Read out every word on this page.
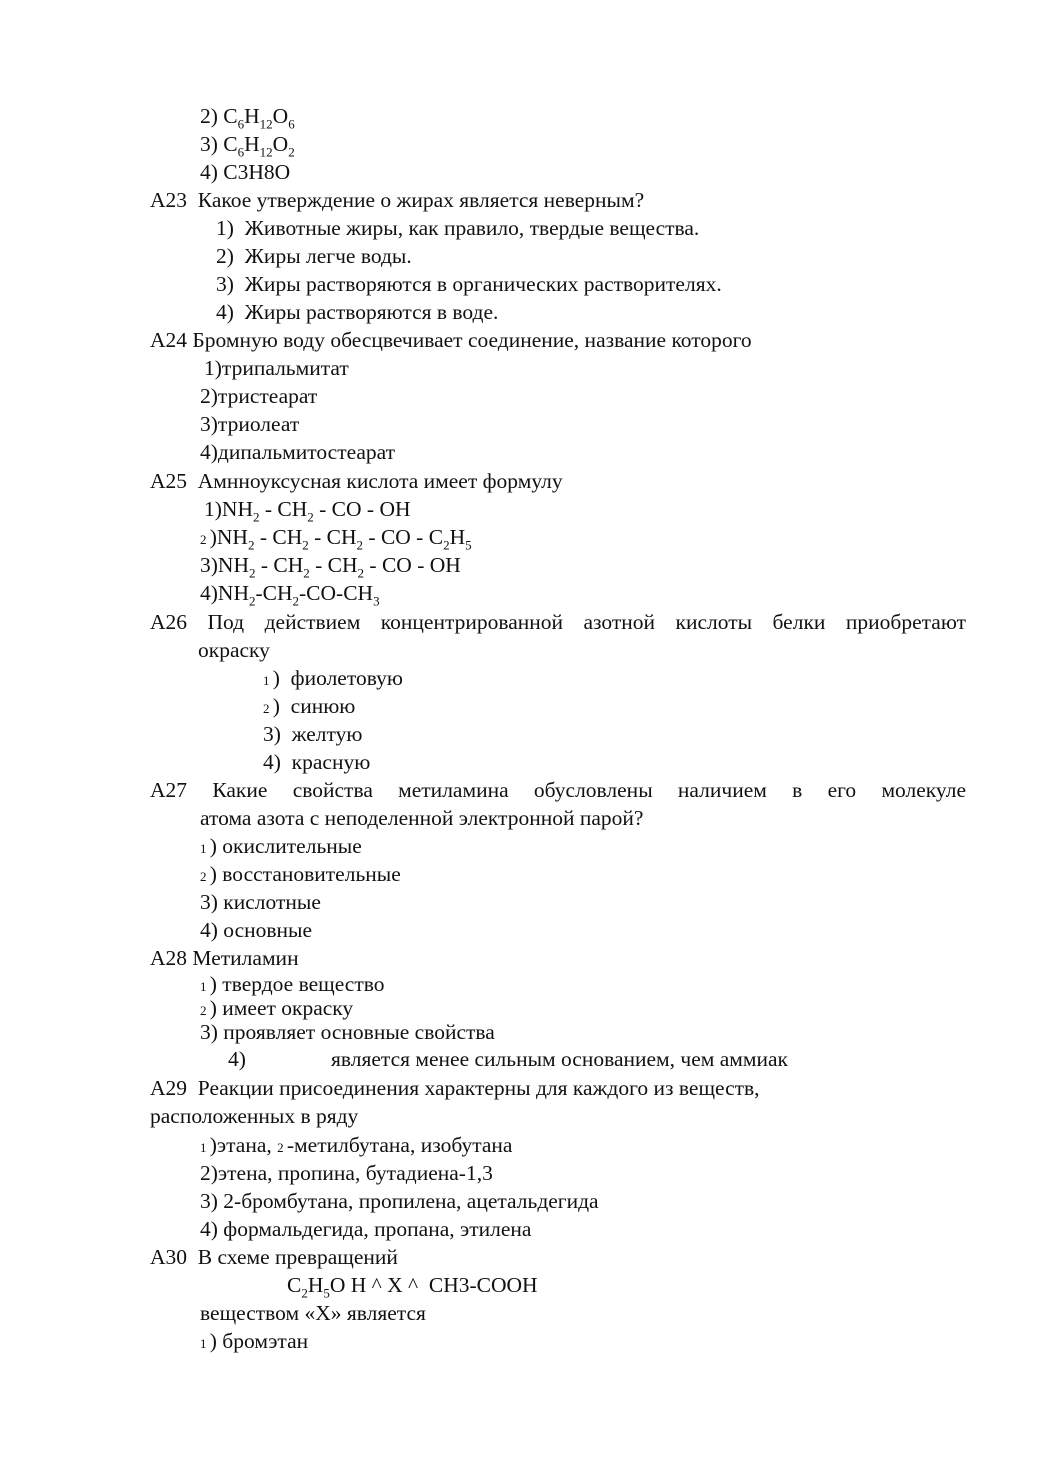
2) $C_6H_{12}O_6$
3) $C_6H_{12}O_2$
4) C3H8O
А23 Какое утверждение о жирах является неверным?
1) Животные жиры, как правило, твердые вещества.
2) Жиры легче воды.
3) Жиры растворяются в органических растворителях.
4) Жиры растворяются в воде.
А24 Бромную воду обесцвечивает соединение, название которого
1)трипальмитат
2)тристеарат
3)триолеат
4)дипальмитостеарат
А25 Амнноуксусная кислота имеет формулу
$1)NH_2 - CH_2$ - CO - OH
2 )$NH_2 - CH_2 - CH_2$ - CO - $C_2H_5$
$3)NH_2 - CH_2 - CH_2$ - CO - OH
$4)NH_2-CH_2-CO-CH_3$
А26 Под действием концентрированной азотной кислоты белки приобретают
окраску
1 )  фиолетовую
2 )  синюю
3) желтую
4) красную
А27 Какие свойства метиламина обусловлены наличием в его молекуле
атома азота с неподеленной электронной парой?
1 ) окислительные
2 ) восстановительные
3) кислотные
4) основные
А28 Метиламин
1 ) твердое вещество
2 ) имеет окраску
3) проявляет основные свойства
4)	является менее сильным основанием, чем аммиак
А29 Реакции присоединения характерны для каждого из веществ,
расположенных в ряду
1 )этана, 2 -метилбутана, изобутана
2)этена, пропина, бутадиена-1,3
3) 2-бромбутана, пропилена, ацетальдегида
4) формальдегида, пропана, этилена
А30 В схеме превращений
$C_2H_5O$ H ^ X ^  CH3-COOH
веществом «Х» является
1 ) бромэтан
